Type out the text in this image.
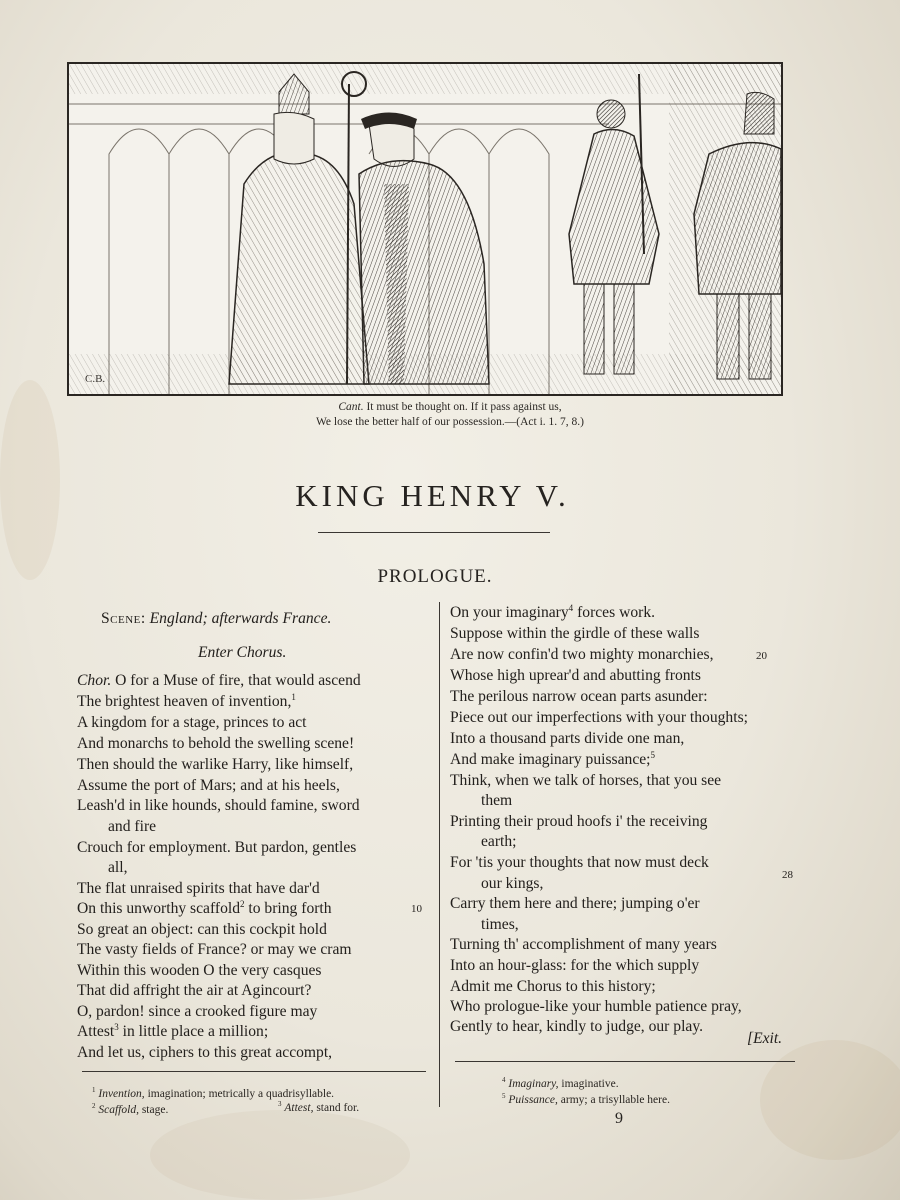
C.B.
Cant. It must be thought on. If it pass against us,
We lose the better half of our possession.—(Act i. 1. 7, 8.)
KING HENRY V.
PROLOGUE.
Scene: England; afterwards France.
Enter Chorus.
Chor. O for a Muse of fire, that would ascend
The brightest heaven of invention,$^1$
A kingdom for a stage, princes to act
And monarchs to behold the swelling scene!
Then should the warlike Harry, like himself,
Assume the port of Mars; and at his heels,
Leash'd in like hounds, should famine, sword
and fire
Crouch for employment. But pardon, gentles
all,
The flat unraised spirits that have dar'd
On this unworthy scaffold$^2$ to bring forth	10
So great an object: can this cockpit hold
The vasty fields of France? or may we cram
Within this wooden O the very casques
That did affright the air at Agincourt?
O, pardon! since a crooked figure may
Attest$^3$ in little place a million;
And let us, ciphers to this great accompt,
On your imaginary$^4$ forces work.
Suppose within the girdle of these walls
Are now confin'd two mighty monarchies,	20
Whose high uprear'd and abutting fronts
The perilous narrow ocean parts asunder:
Piece out our imperfections with your thoughts;
Into a thousand parts divide one man,
And make imaginary puissance;$^5$
Think, when we talk of horses, that you see
them
Printing their proud hoofs i' the receiving
earth;
For 'tis your thoughts that now must deck
our kings,	28
Carry them here and there; jumping o'er
times,
Turning th' accomplishment of many years
Into an hour-glass: for the which supply
Admit me Chorus to this history;
Who prologue-like your humble patience pray,
Gently to hear, kindly to judge, our play.
[Exit.
$^1$ Invention, imagination; metrically a quadrisyllable.
$^2$ Scaffold, stage.	$^3$ Attest, stand for.
$^4$ Imaginary, imaginative.
$^5$ Puissance, army; a trisyllable here.
9
